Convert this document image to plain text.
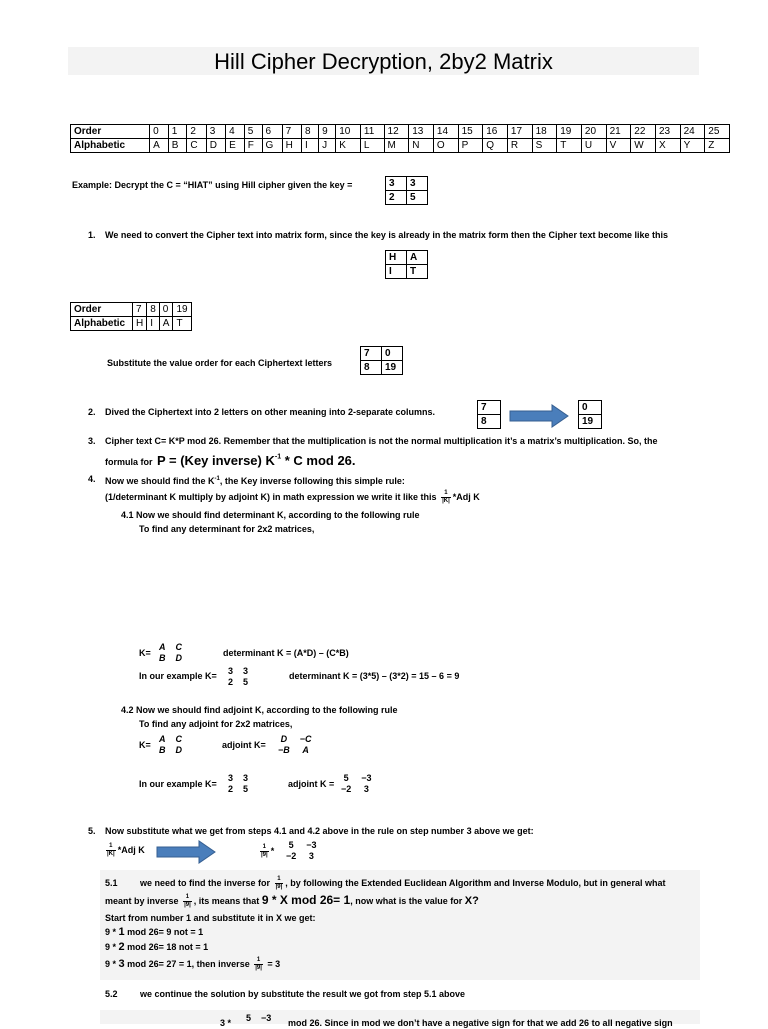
Hill Cipher Decryption, 2by2 Matrix
Order	0	1	2	3	4	5	6	7	8	9	10	11	12	13	14	15	16	17	18	19	20	21	22	23	24	25
Alphabetic	A	B	C	D	E	F	G	H	I	J	K	L	M	N	O	P	Q	R	S	T	U	V	W	X	Y	Z
Example: Decrypt the C = “HIAT” using Hill cipher given the key =	3	3
2	5
1. We need to convert the Cipher text into matrix form, since the key is already in the matrix form then the Cipher text become like this
H	A
I	T
Order	7	8	0	19
Alphabetic	H	I	A	T
Substitute the value order for each Ciphertext letters
7	0
8	19
2. Dived the Ciphertext into 2 letters on other meaning into 2-separate columns.	7
8
0
19
3. Cipher text C= K*P mod 26. Remember that the multiplication is not the normal multiplication it’s a matrix’s multiplication. So, the
formula for P = (Key inverse) $K^{-1}$ * C mod 26.
4. Now we should find the $K^{-1}$, the Key inverse following this simple rule:
(1/determinant K multiply by adjoint K) in math expression we write it like this $\frac{1}{|K|} *Adj$ K
4.1 Now we should find determinant K, according to the following rule
To find any determinant for 2x2 matrices,
K=
A C
B D	determinant K = (A*D) – (C*B)
In our example K= 3 3
2 5
determinant K = (3*5) – (3*2) = 15 – 6 = 9
4.2 Now we should find adjoint K, according to the following rule
To find any adjoint for 2x2 matrices,
K=
A C
B D	adjoint K=
D −C
−B A
In our example K=
3 3
2 5	adjoint K =
5 −3
−2 3
5. Now substitute what we get from steps 4.1 and 4.2 above in the rule on step number 3 above we get:
$\frac{1}{|K|} *Adj$ K	$\frac{1}{|9|}$ *
5 −3
−2 3
5.1 we need to find the inverse for $\frac{1}{|9|}$ , by following the Extended Euclidean Algorithm and Inverse Modulo, but in general what
meant by inverse $\frac{1}{|9|}$ , its means that 9 * X mod 26= 1, now what is the value for X?
Start from number 1 and substitute it in X we get:
9 * 1 mod 26= 9 not = 1
9 * 2 mod 26= 18 not = 1
9 * 3 mod 26= 27 = 1, then inverse $\frac{1}{|9|} = 3$
5.2 we continue the solution by substitute the result we got from step 5.1 above
3 * 5 −3 mod 26. Since in mod we don’t have a negative sign for that we add 26 to all negative sign
